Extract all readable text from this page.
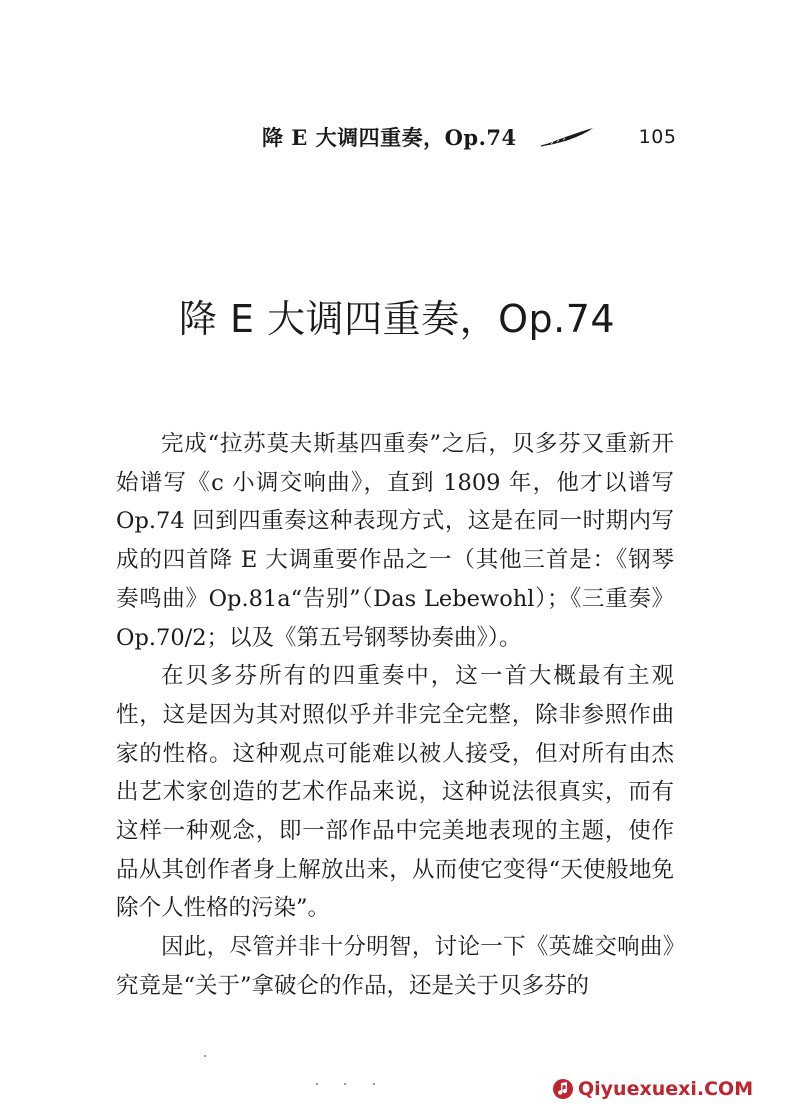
降 E 大调四重奏，Op.74	105
降 E 大调四重奏，Op.74

完成“拉苏莫夫斯基四重奏”之后，贝多芬又重新开始谱写《c 小调交响曲》，直到 1809 年，他才以谱写 Op.74 回到四重奏这种表现方式，这是在同一时期内写成的四首降 E 大调重要作品之一（其他三首是：《钢琴奏鸣曲》Op.81a“告别”（Das Lebewohl）；《三重奏》Op.70/2；以及《第五号钢琴协奏曲》）。

在贝多芬所有的四重奏中，这一首大概最有主观性，这是因为其对照似乎并非完全完整，除非参照作曲家的性格。这种观点可能难以被人接受，但对所有由杰出艺术家创造的艺术作品来说，这种说法很真实，而有这样一种观念，即一部作品中完美地表现的主题，使作品从其创作者身上解放出来，从而使它变得“天使般地免除个人性格的污染”。

因此，尽管并非十分明智，讨论一下《英雄交响曲》究竟是“关于”拿破仑的作品，还是关于贝多芬的

Qiyuexuexi.COM
